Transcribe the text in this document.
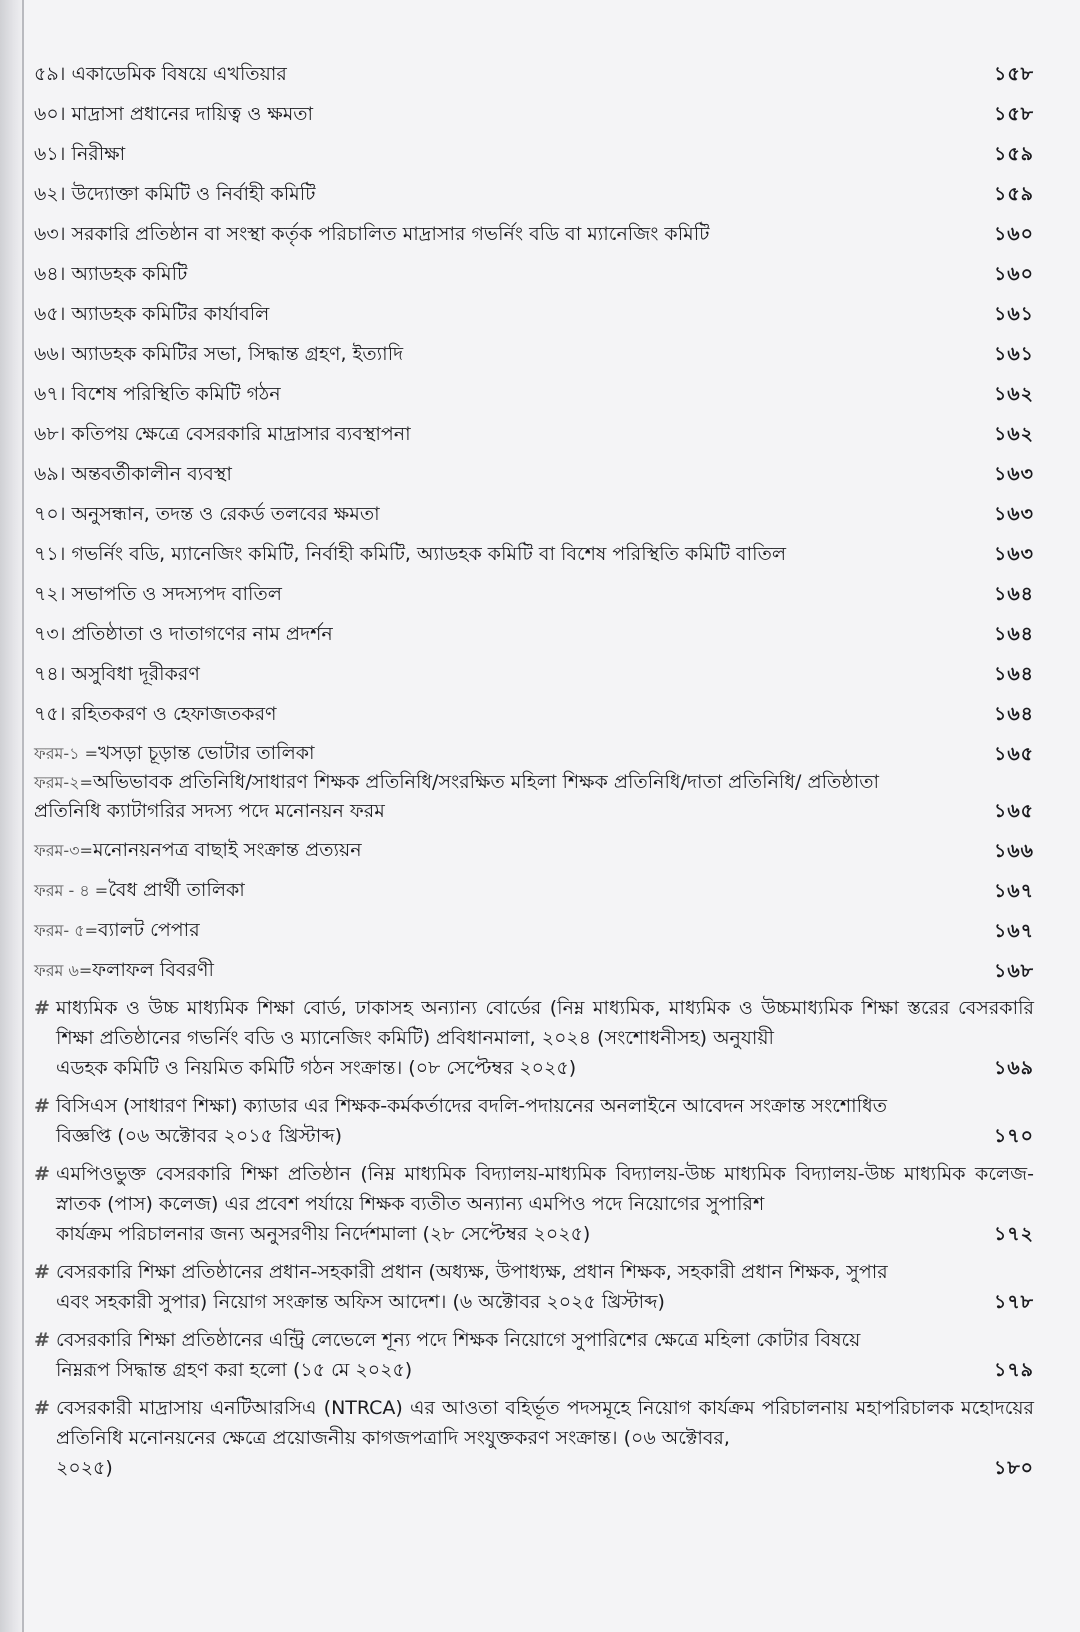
৫৯। একাডেমিক বিষয়ে এখতিয়ার	১৫৮
৬০। মাদ্রাসা প্রধানের দায়িত্ব ও ক্ষমতা	১৫৮
৬১। নিরীক্ষা	১৫৯
৬২। উদ্যোক্তা কমিটি ও নির্বাহী কমিটি	১৫৯
৬৩। সরকারি প্রতিষ্ঠান বা সংস্থা কর্তৃক পরিচালিত মাদ্রাসার গভর্নিং বডি বা ম্যানেজিং কমিটি	১৬০
৬৪। অ্যাডহক কমিটি	১৬০
৬৫। অ্যাডহক কমিটির কার্যাবলি	১৬১
৬৬। অ্যাডহক কমিটির সভা, সিদ্ধান্ত গ্রহণ, ইত্যাদি	১৬১
৬৭। বিশেষ পরিস্থিতি কমিটি গঠন	১৬২
৬৮। কতিপয় ক্ষেত্রে বেসরকারি মাদ্রাসার ব্যবস্থাপনা	১৬২
৬৯। অন্তবর্তীকালীন ব্যবস্থা	১৬৩
৭০। অনুসন্ধান, তদন্ত ও রেকর্ড তলবের ক্ষমতা	১৬৩
৭১। গভর্নিং বডি, ম্যানেজিং কমিটি, নির্বাহী কমিটি, অ্যাডহক কমিটি বা বিশেষ পরিস্থিতি কমিটি বাতিল	১৬৩
৭২। সভাপতি ও সদস্যপদ বাতিল	১৬৪
৭৩। প্রতিষ্ঠাতা ও দাতাগণের নাম প্রদর্শন	১৬৪
৭৪। অসুবিধা দূরীকরণ	১৬৪
৭৫। রহিতকরণ ও হেফাজতকরণ	১৬৪
ফরম-১ =খসড়া চূড়ান্ত ভোটার তালিকা	১৬৫
ফরম-২=অভিভাবক প্রতিনিধি/সাধারণ শিক্ষক প্রতিনিধি/সংরক্ষিত মহিলা শিক্ষক প্রতিনিধি/দাতা প্রতিনিধি/ প্রতিষ্ঠাতা প্রতিনিধি ক্যাটাগরির সদস্য পদে মনোনয়ন ফরম	১৬৫
ফরম-৩=মনোনয়নপত্র বাছাই সংক্রান্ত প্রত্যয়ন	১৬৬
ফরম - ৪ =বৈধ প্রার্থী তালিকা	১৬৭
ফরম- ৫=ব্যালট পেপার	১৬৭
ফরম ৬=ফলাফল বিবরণী	১৬৮
# মাধ্যমিক ও উচ্চ মাধ্যমিক শিক্ষা বোর্ড, ঢাকাসহ অন্যান্য বোর্ডের (নিম্ন মাধ্যমিক, মাধ্যমিক ও উচ্চমাধ্যমিক শিক্ষা স্তরের বেসরকারি শিক্ষা প্রতিষ্ঠানের গভর্নিং বডি ও ম্যানেজিং কমিটি) প্রবিধানমালা, ২০২৪ (সংশোধনীসহ) অনুযায়ী
এডহক কমিটি ও নিয়মিত কমিটি গঠন সংক্রান্ত। (০৮ সেপ্টেম্বর ২০২৫)	১৬৯
# বিসিএস (সাধারণ শিক্ষা) ক্যাডার এর শিক্ষক-কর্মকর্তাদের বদলি-পদায়নের অনলাইনে আবেদন সংক্রান্ত সংশোধিত
বিজ্ঞপ্তি (০৬ অক্টোবর ২০১৫ খ্রিস্টাব্দ)	১৭০
# এমপিওভুক্ত বেসরকারি শিক্ষা প্রতিষ্ঠান (নিম্ন মাধ্যমিক বিদ্যালয়-মাধ্যমিক বিদ্যালয়-উচ্চ মাধ্যমিক বিদ্যালয়-উচ্চ মাধ্যমিক কলেজ-স্নাতক (পাস) কলেজ) এর প্রবেশ পর্যায়ে শিক্ষক ব্যতীত অন্যান্য এমপিও পদে নিয়োগের সুপারিশ
কার্যক্রম পরিচালনার জন্য অনুসরণীয় নির্দেশমালা (২৮ সেপ্টেম্বর ২০২৫)	১৭২
# বেসরকারি শিক্ষা প্রতিষ্ঠানের প্রধান-সহকারী প্রধান (অধ্যক্ষ, উপাধ্যক্ষ, প্রধান শিক্ষক, সহকারী প্রধান শিক্ষক, সুপার
এবং সহকারী সুপার) নিয়োগ সংক্রান্ত অফিস আদেশ। (৬ অক্টোবর ২০২৫ খ্রিস্টাব্দ)	১৭৮
# বেসরকারি শিক্ষা প্রতিষ্ঠানের এন্ট্রি লেভেলে শূন্য পদে শিক্ষক নিয়োগে সুপারিশের ক্ষেত্রে মহিলা কোটার বিষয়ে
নিম্নরূপ সিদ্ধান্ত গ্রহণ করা হলো (১৫ মে ২০২৫)	১৭৯
# বেসরকারী মাদ্রাসায় এনটিআরসিএ (NTRCA) এর আওতা বহির্ভূত পদসমূহে নিয়োগ কার্যক্রম পরিচালনায় মহাপরিচালক মহোদয়ের প্রতিনিধি মনোনয়নের ক্ষেত্রে প্রয়োজনীয় কাগজপত্রাদি সংযুক্তকরণ সংক্রান্ত। (০৬ অক্টোবর,
২০২৫)	১৮০
